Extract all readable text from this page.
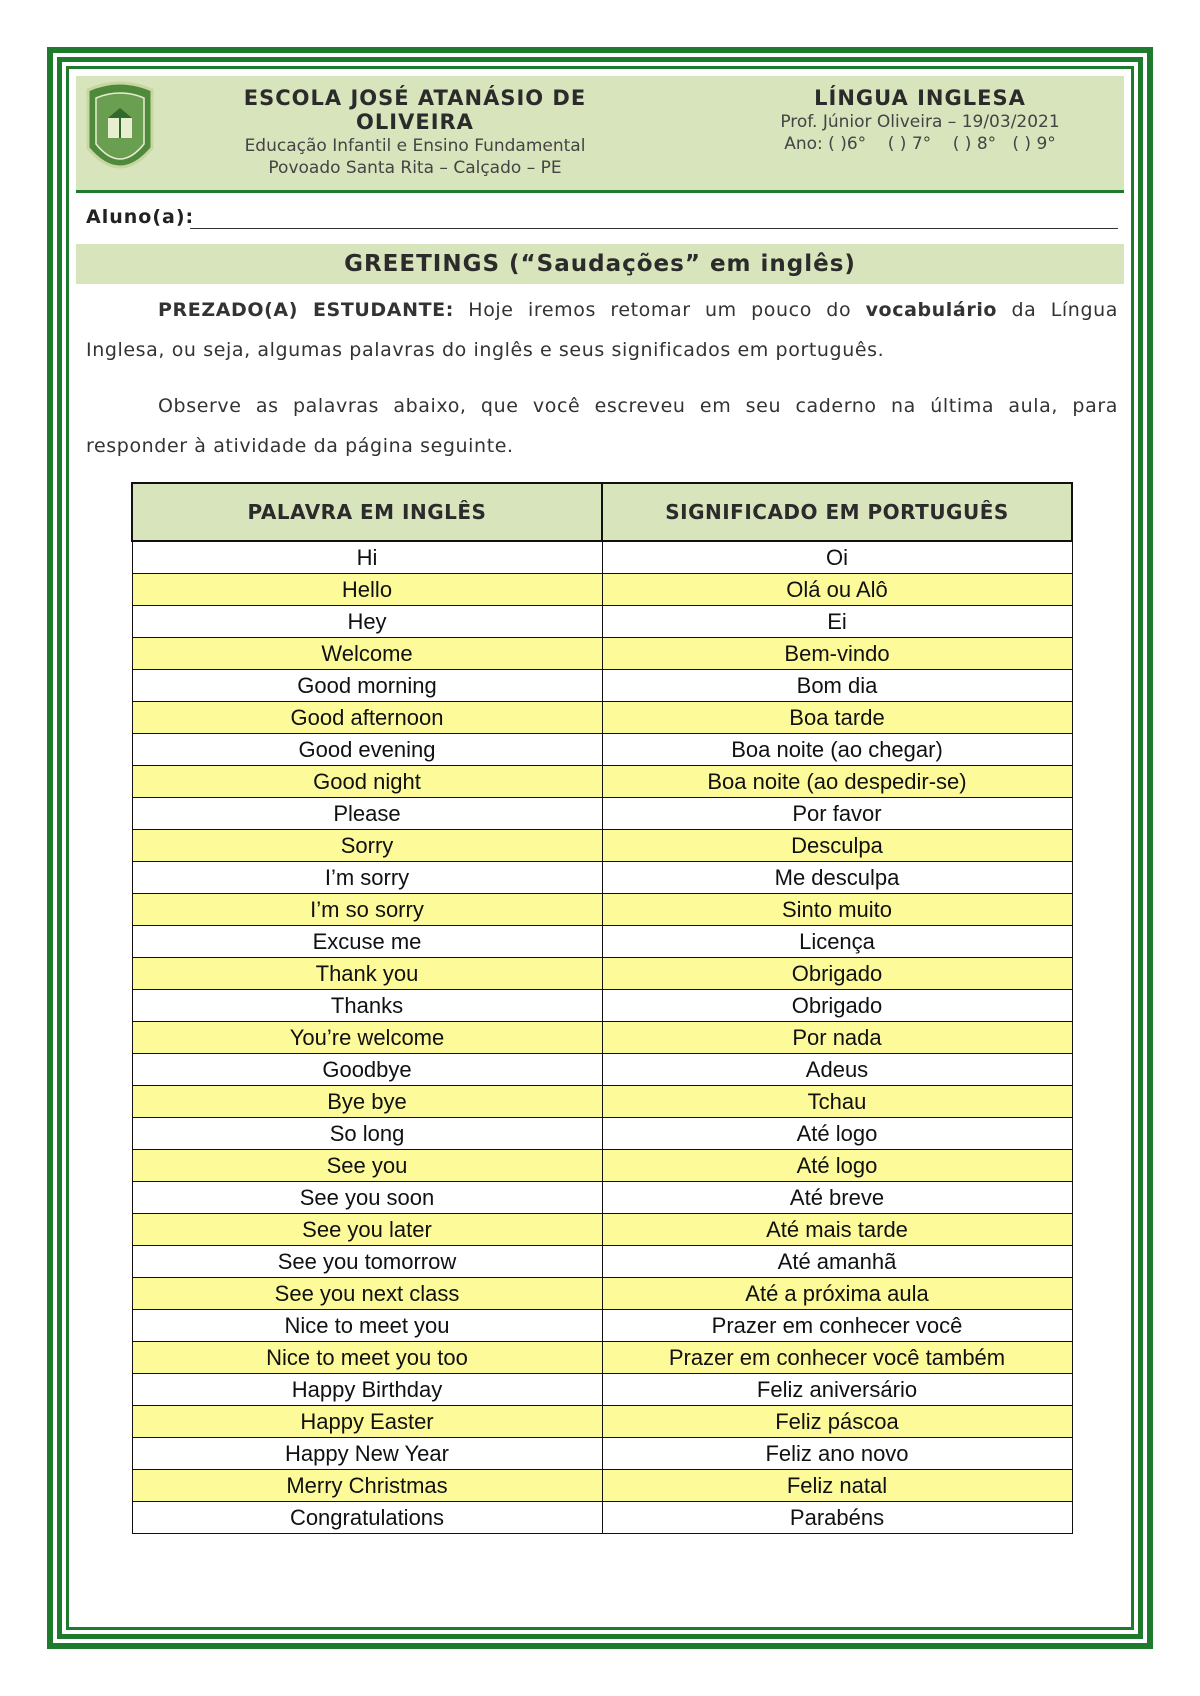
ESCOLA JOSÉ ATANÁSIO DE OLIVEIRA
Educação Infantil e Ensino Fundamental
Povoado Santa Rita – Calçado – PE
LÍNGUA INGLESA
Prof. Júnior Oliveira – 19/03/2021
Ano: ( )6°    ( ) 7°    ( ) 8°   ( ) 9°
Aluno(a):
GREETINGS (“Saudações” em inglês)
PREZADO(A) ESTUDANTE: Hoje iremos retomar um pouco do vocabulário da Língua Inglesa, ou seja, algumas palavras do inglês e seus significados em português.
Observe as palavras abaixo, que você escreveu em seu caderno na última aula, para responder à atividade da página seguinte.
PALAVRA EM INGLÊS	SIGNIFICADO EM PORTUGUÊS
Hi	Oi
Hello	Olá ou Alô
Hey	Ei
Welcome	Bem-vindo
Good morning	Bom dia
Good afternoon	Boa tarde
Good evening	Boa noite (ao chegar)
Good night	Boa noite (ao despedir-se)
Please	Por favor
Sorry	Desculpa
I’m sorry	Me desculpa
I’m so sorry	Sinto muito
Excuse me	Licença
Thank you	Obrigado
Thanks	Obrigado
You’re welcome	Por nada
Goodbye	Adeus
Bye bye	Tchau
So long	Até logo
See you	Até logo
See you soon	Até breve
See you later	Até mais tarde
See you tomorrow	Até amanhã
See you next class	Até a próxima aula
Nice to meet you	Prazer em conhecer você
Nice to meet you too	Prazer em conhecer você também
Happy Birthday	Feliz aniversário
Happy Easter	Feliz páscoa
Happy New Year	Feliz ano novo
Merry Christmas	Feliz natal
Congratulations	Parabéns
